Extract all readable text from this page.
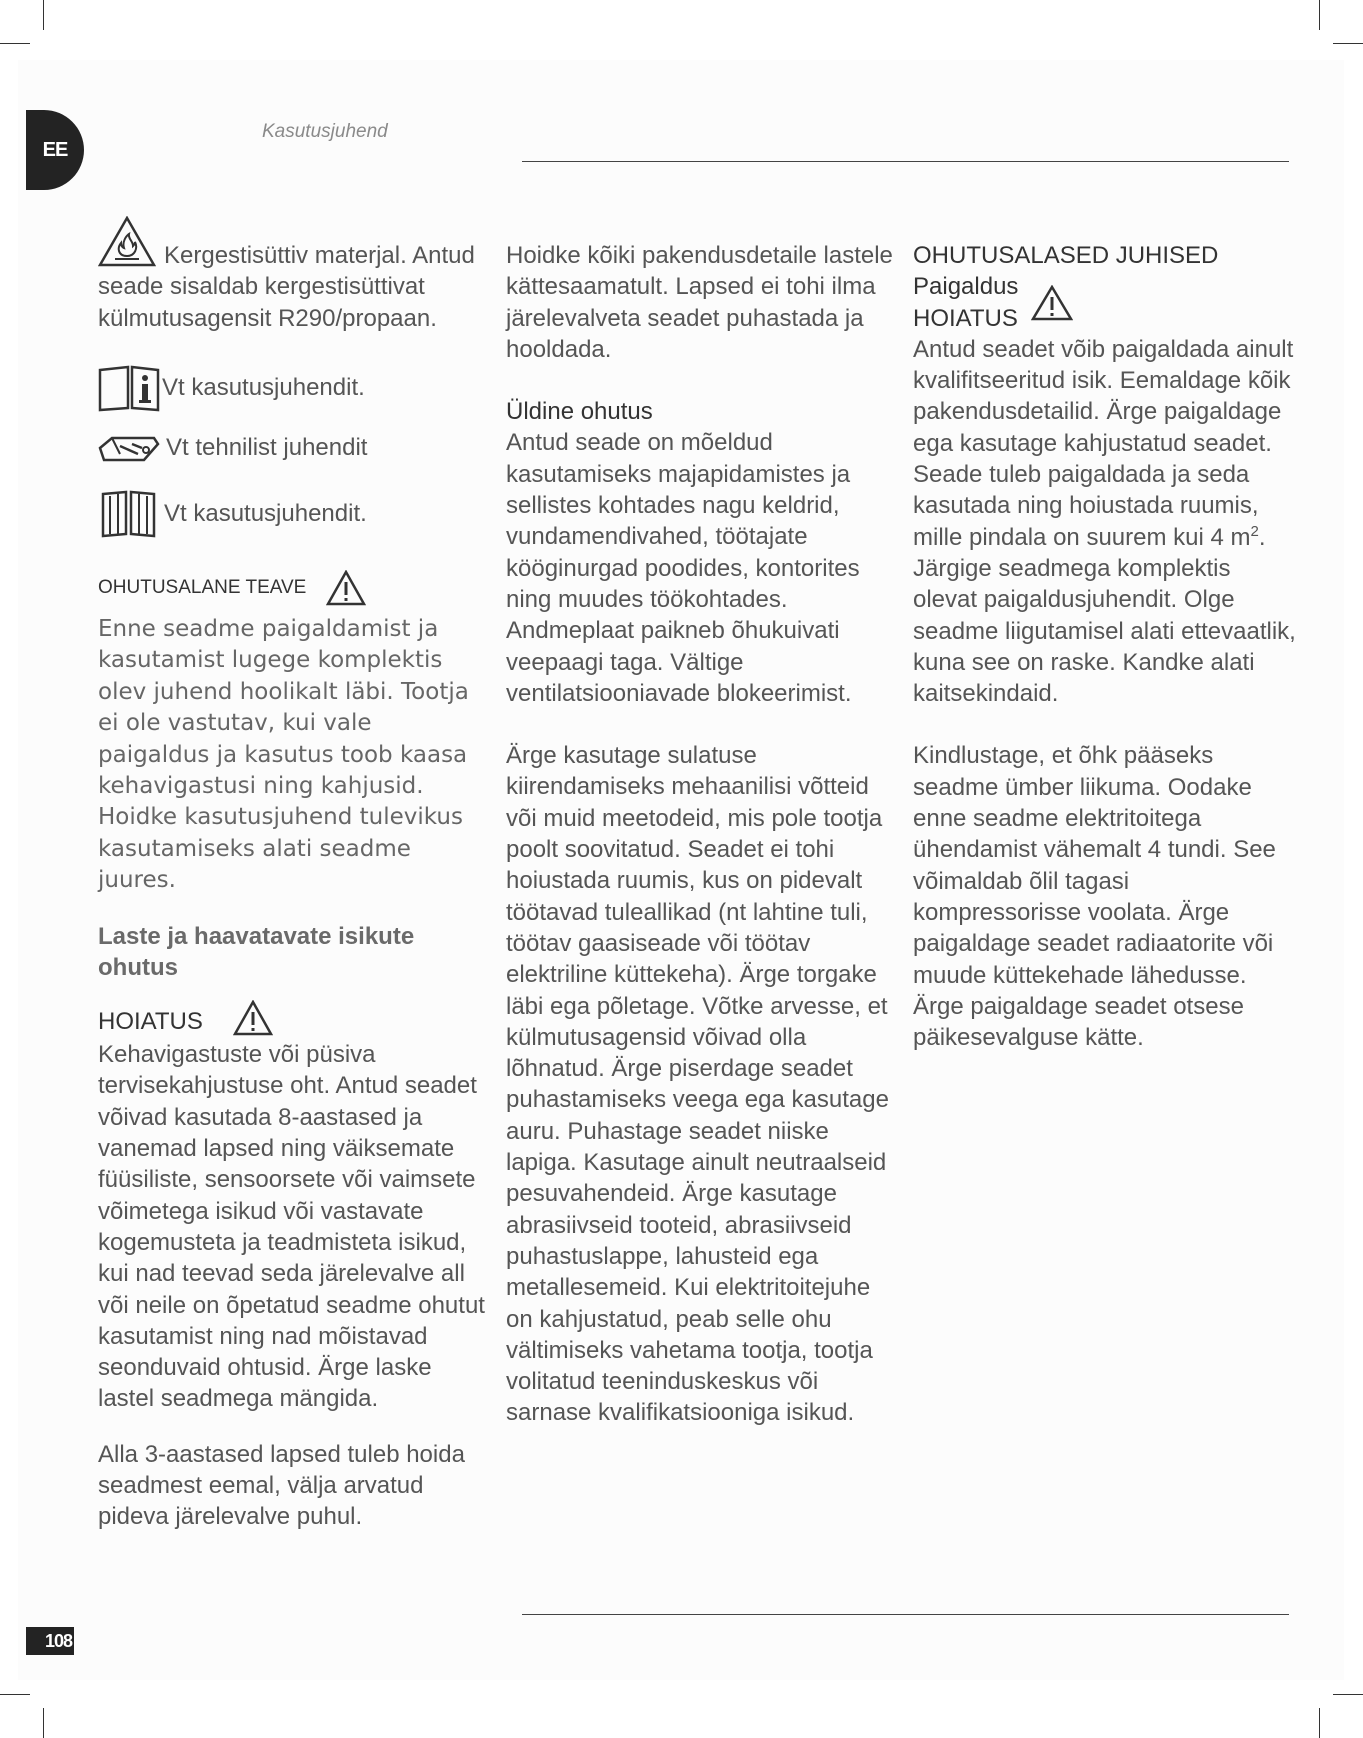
EE
Kasutusjuhend
108

Kergestisüttiv materjal. Antud seade sisaldab kergestisüttivat külmutusagensit R290/propaan.

Vt kasutusjuhendit.
Vt tehnilist juhendit
Vt kasutusjuhendit.
OHUTUSALANE TEAVE

Enne seadme paigaldamist ja kasutamist lugege komplektis olev juhend hoolikalt läbi. Tootja ei ole vastutav, kui vale paigaldus ja kasutus toob kaasa kehavigastusi ning kahjusid. Hoidke kasutusjuhend tulevikus kasutamiseks alati seadme juures.

Laste ja haavatavate isikute ohutus

HOIATUS

Kehavigastuste või püsiva tervisekahjustuse oht. Antud seadet võivad kasutada 8-aastased ja vanemad lapsed ning väiksemate füüsiliste, sensoorsete või vaimsete võimetega isikud või vastavate kogemusteta ja teadmisteta isikud, kui nad teevad seda järelevalve all või neile on õpetatud seadme ohutut kasutamist ning nad mõistavad seonduvaid ohtusid. Ärge laske lastel seadmega mängida.

Alla 3-aastased lapsed tuleb hoida seadmest eemal, välja arvatud pideva järelevalve puhul.

Hoidke kõiki pakendusdetaile lastele kättesaamatult. Lapsed ei tohi ilma järelevalveta seadet puhastada ja hooldada.

Üldine ohutus

Antud seade on mõeldud kasutamiseks majapidamistes ja sellistes kohtades nagu keldrid, vundamendivahed, töötajate kööginurgad poodides, kontorites ning muudes töökohtades. Andmeplaat paikneb õhukuivati veepaagi taga. Vältige ventilatsiooniavade blokeerimist.

Ärge kasutage sulatuse kiirendamiseks mehaanilisi võtteid või muid meetodeid, mis pole tootja poolt soovitatud. Seadet ei tohi hoiustada ruumis, kus on pidevalt töötavad tuleallikad (nt lahtine tuli, töötav gaasiseade või töötav elektriline küttekeha). Ärge torgake läbi ega põletage. Võtke arvesse, et külmutusagensid võivad olla lõhnatud. Ärge piserdage seadet puhastamiseks veega ega kasutage auru. Puhastage seadet niiske lapiga. Kasutage ainult neutraalseid pesuvahendeid. Ärge kasutage abrasiivseid tooteid, abrasiivseid puhastuslappe, lahusteid ega metallesemeid. Kui elektritoitejuhe on kahjustatud, peab selle ohu vältimiseks vahetama tootja, tootja volitatud teeninduskeskus või sarnase kvalifikatsiooniga isikud.

OHUTUSALASED JUHISED

Paigaldus

HOIATUS

Antud seadet võib paigaldada ainult kvalifitseeritud isik. Eemaldage kõik pakendusdetailid. Ärge paigaldage ega kasutage kahjustatud seadet. Seade tuleb paigaldada ja seda kasutada ning hoiustada ruumis, mille pindala on suurem kui 4 $m^2$. Järgige seadmega komplektis olevat paigaldusjuhendit. Olge seadme liigutamisel alati ettevaatlik, kuna see on raske. Kandke alati kaitsekindaid.

Kindlustage, et õhk pääseks seadme ümber liikuma. Oodake enne seadme elektritoitega ühendamist vähemalt 4 tundi. See võimaldab õlil tagasi kompressorisse voolata. Ärge paigaldage seadet radiaatorite või muude küttekehade lähedusse. Ärge paigaldage seadet otsese päikesevalguse kätte.
